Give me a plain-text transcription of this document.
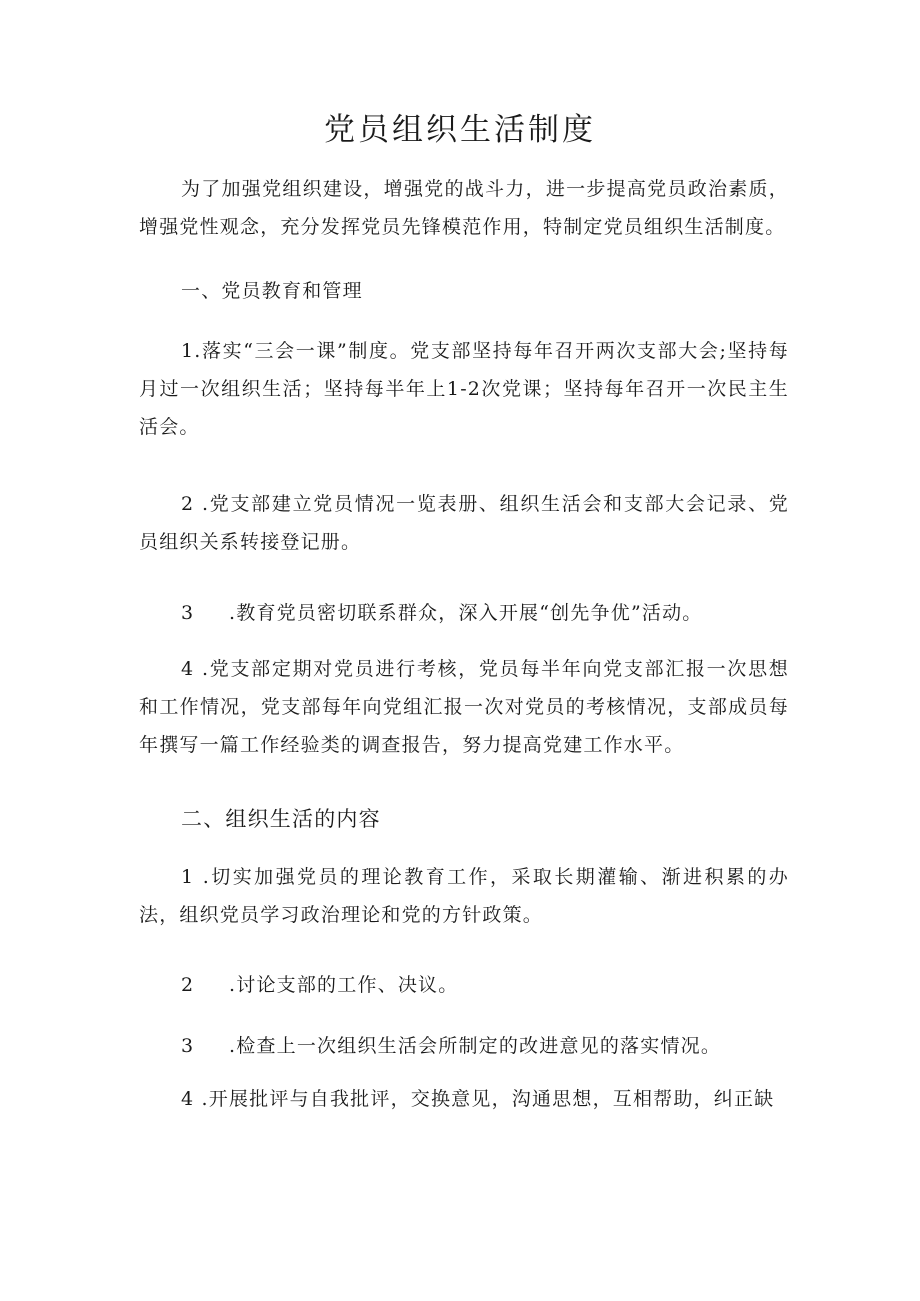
党员组织生活制度

为了加强党组织建设，增强党的战斗力，进一步提高党员政治素质，增强党性观念，充分发挥党员先锋模范作用，特制定党员组织生活制度。

一、党员教育和管理

1.落实“三会一课”制度。党支部坚持每年召开两次支部大会;坚持每月过一次组织生活；坚持每半年上1-2次党课；坚持每年召开一次民主生活会。

2 .党支部建立党员情况一览表册、组织生活会和支部大会记录、党员组织关系转接登记册。

3 .教育党员密切联系群众，深入开展“创先争优”活动。

4 .党支部定期对党员进行考核，党员每半年向党支部汇报一次思想和工作情况，党支部每年向党组汇报一次对党员的考核情况，支部成员每年撰写一篇工作经验类的调查报告，努力提高党建工作水平。

二、组织生活的内容

1 .切实加强党员的理论教育工作，采取长期灌输、渐进积累的办法，组织党员学习政治理论和党的方针政策。

2 .讨论支部的工作、决议。

3 .检查上一次组织生活会所制定的改进意见的落实情况。

4 .开展批评与自我批评，交换意见，沟通思想，互相帮助，纠正缺
